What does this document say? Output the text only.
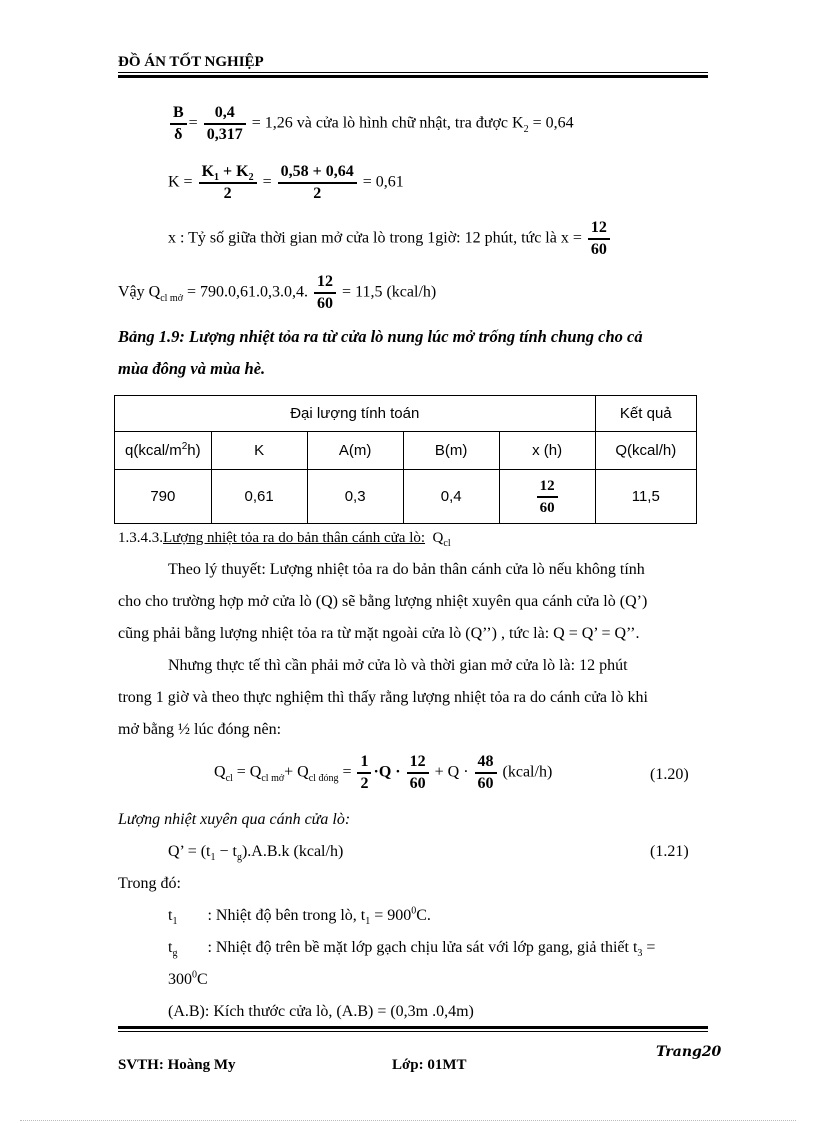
ĐỒ ÁN TỐT NGHIỆP
$\frac{B}{\delta} = \frac{0,4}{0,317} = 1,26$ và cửa lò hình chữ nhật, tra được $K_2 = 0,64$
$K = \frac{K_1 + K_2}{2} = \frac{0,58 + 0,64}{2} = 0,61$
x : Tỷ số giữa thời gian mở cửa lò trong 1giờ: 12 phút, tức là $x = \frac{12}{60}$
Vậy $Q_{cl mở} = 790.0,61.0,3.0,4$. $\frac{12}{60} = 11,5$ (kcal/h)
Bảng 1.9: Lượng nhiệt tỏa ra từ cửa lò nung lúc mở trống tính chung cho cả
mùa đông và mùa hè.
Đại lượng tính toán					Kết quả
$q(kcal/m^2h)$	K	A(m)	B(m)	x (h)	Q(kcal/h)
790	0,61	0,3	0,4	$\frac{12}{60}$	11,5
1.3.4.3.Lượng nhiệt tỏa ra do bản thân cánh cửa lò: $Q_{cl}$
Theo lý thuyết: Lượng nhiệt tỏa ra do bản thân cánh cửa lò nếu không tính
cho cho trường hợp mở cửa lò (Q) sẽ bằng lượng nhiệt xuyên qua cánh cửa lò (Q’)
cũng phải bằng lượng nhiệt tỏa ra từ mặt ngoài cửa lò (Q’’) , tức là: Q = Q’ = Q’’.
Nhưng thực tế thì cần phải mở cửa lò và thời gian mở cửa lò là: 12 phút
trong 1 giờ và theo thực nghiệm thì thấy rằng lượng nhiệt tỏa ra do cánh cửa lò khi
mở bằng ½ lúc đóng nên:
$Q_{cl} = Q_{cl mở}+ Q_{cl đóng} = \frac{1}{2} \cdot Q \cdot \frac{12}{60} + Q \cdot \frac{48}{60}$ (kcal/h)	(1.20)
Lượng nhiệt xuyên qua cánh cửa lò:
Q’ = $(t_1 - t_g).A.B.k$ (kcal/h)	(1.21)
Trong đó:
$t_1$ : Nhiệt độ bên trong lò, $t_1 = 900^0C$.
$t_g$ : Nhiệt độ trên bề mặt lớp gạch chịu lửa sát với lớp gang, giả thiết $t_3$ =
$300^0C$
(A.B): Kích thước cửa lò, (A.B) = (0,3m .0,4m)
SVTH: Hoàng My	Lớp: 01MT
Trang20
